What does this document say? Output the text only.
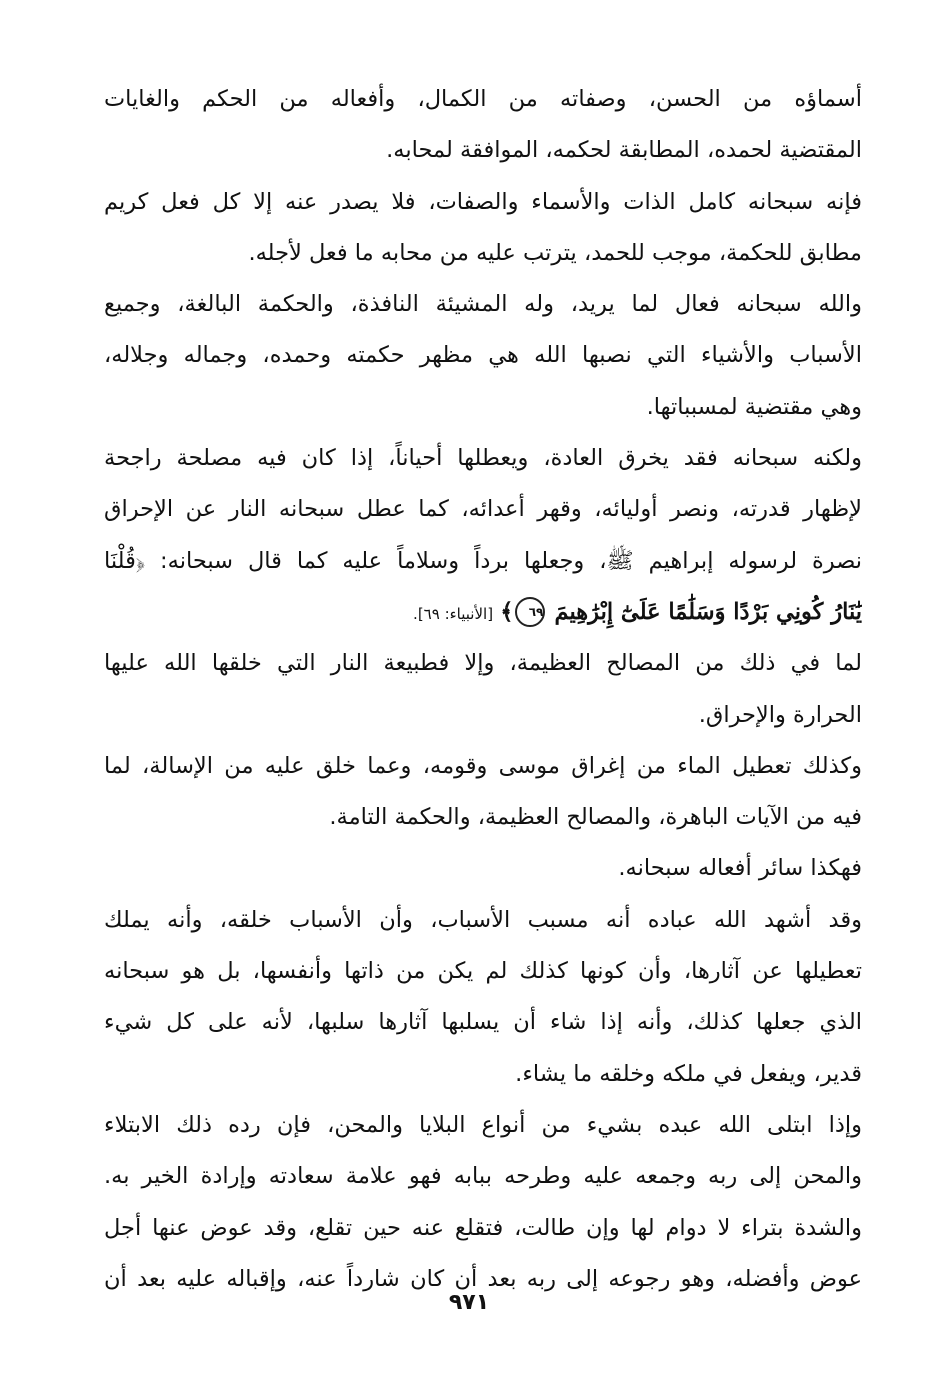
أسماؤه من الحسن، وصفاته من الكمال، وأفعاله من الحكم والغايات
المقتضية لحمده، المطابقة لحكمه، الموافقة لمحابه.
فإنه سبحانه كامل الذات والأسماء والصفات، فلا يصدر عنه إلا كل فعل كريم
مطابق للحكمة، موجب للحمد، يترتب عليه من محابه ما فعل لأجله.
والله سبحانه فعال لما يريد، وله المشيئة النافذة، والحكمة البالغة، وجميع
الأسباب والأشياء التي نصبها الله هي مظهر حكمته وحمده، وجماله وجلاله،
وهي مقتضية لمسبباتها.
ولكنه سبحانه فقد يخرق العادة، ويعطلها أحياناً، إذا كان فيه مصلحة راجحة
لإظهار قدرته، ونصر أوليائه، وقهر أعدائه، كما عطل سبحانه النار عن الإحراق
نصرة لرسوله إبراهيم ﷺ، وجعلها برداً وسلاماً عليه كما قال سبحانه: ﴿قُلْنَا
يَٰنَارُ كُونِي بَرْدًا وَسَلَٰمًا عَلَىٰٓ إِبْرَٰهِيمَ ٦٩﴾ [الأنبياء: ٦٩].
لما في ذلك من المصالح العظيمة، وإلا فطبيعة النار التي خلقها الله عليها
الحرارة والإحراق.
وكذلك تعطيل الماء من إغراق موسى وقومه، وعما خلق عليه من الإسالة، لما
فيه من الآيات الباهرة، والمصالح العظيمة، والحكمة التامة.
فهكذا سائر أفعاله سبحانه.
وقد أشهد الله عباده أنه مسبب الأسباب، وأن الأسباب خلقه، وأنه يملك
تعطيلها عن آثارها، وأن كونها كذلك لم يكن من ذاتها وأنفسها، بل هو سبحانه
الذي جعلها كذلك، وأنه إذا شاء أن يسلبها آثارها سلبها، لأنه على كل شيء
قدير، ويفعل في ملكه وخلقه ما يشاء.
وإذا ابتلى الله عبده بشيء من أنواع البلايا والمحن، فإن رده ذلك الابتلاء
والمحن إلى ربه وجمعه عليه وطرحه ببابه فهو علامة سعادته وإرادة الخير به.
والشدة بتراء لا دوام لها وإن طالت، فتقلع عنه حين تقلع، وقد عوض عنها أجل
عوض وأفضله، وهو رجوعه إلى ربه بعد أن كان شارداً عنه، وإقباله عليه بعد أن
٩٧١
